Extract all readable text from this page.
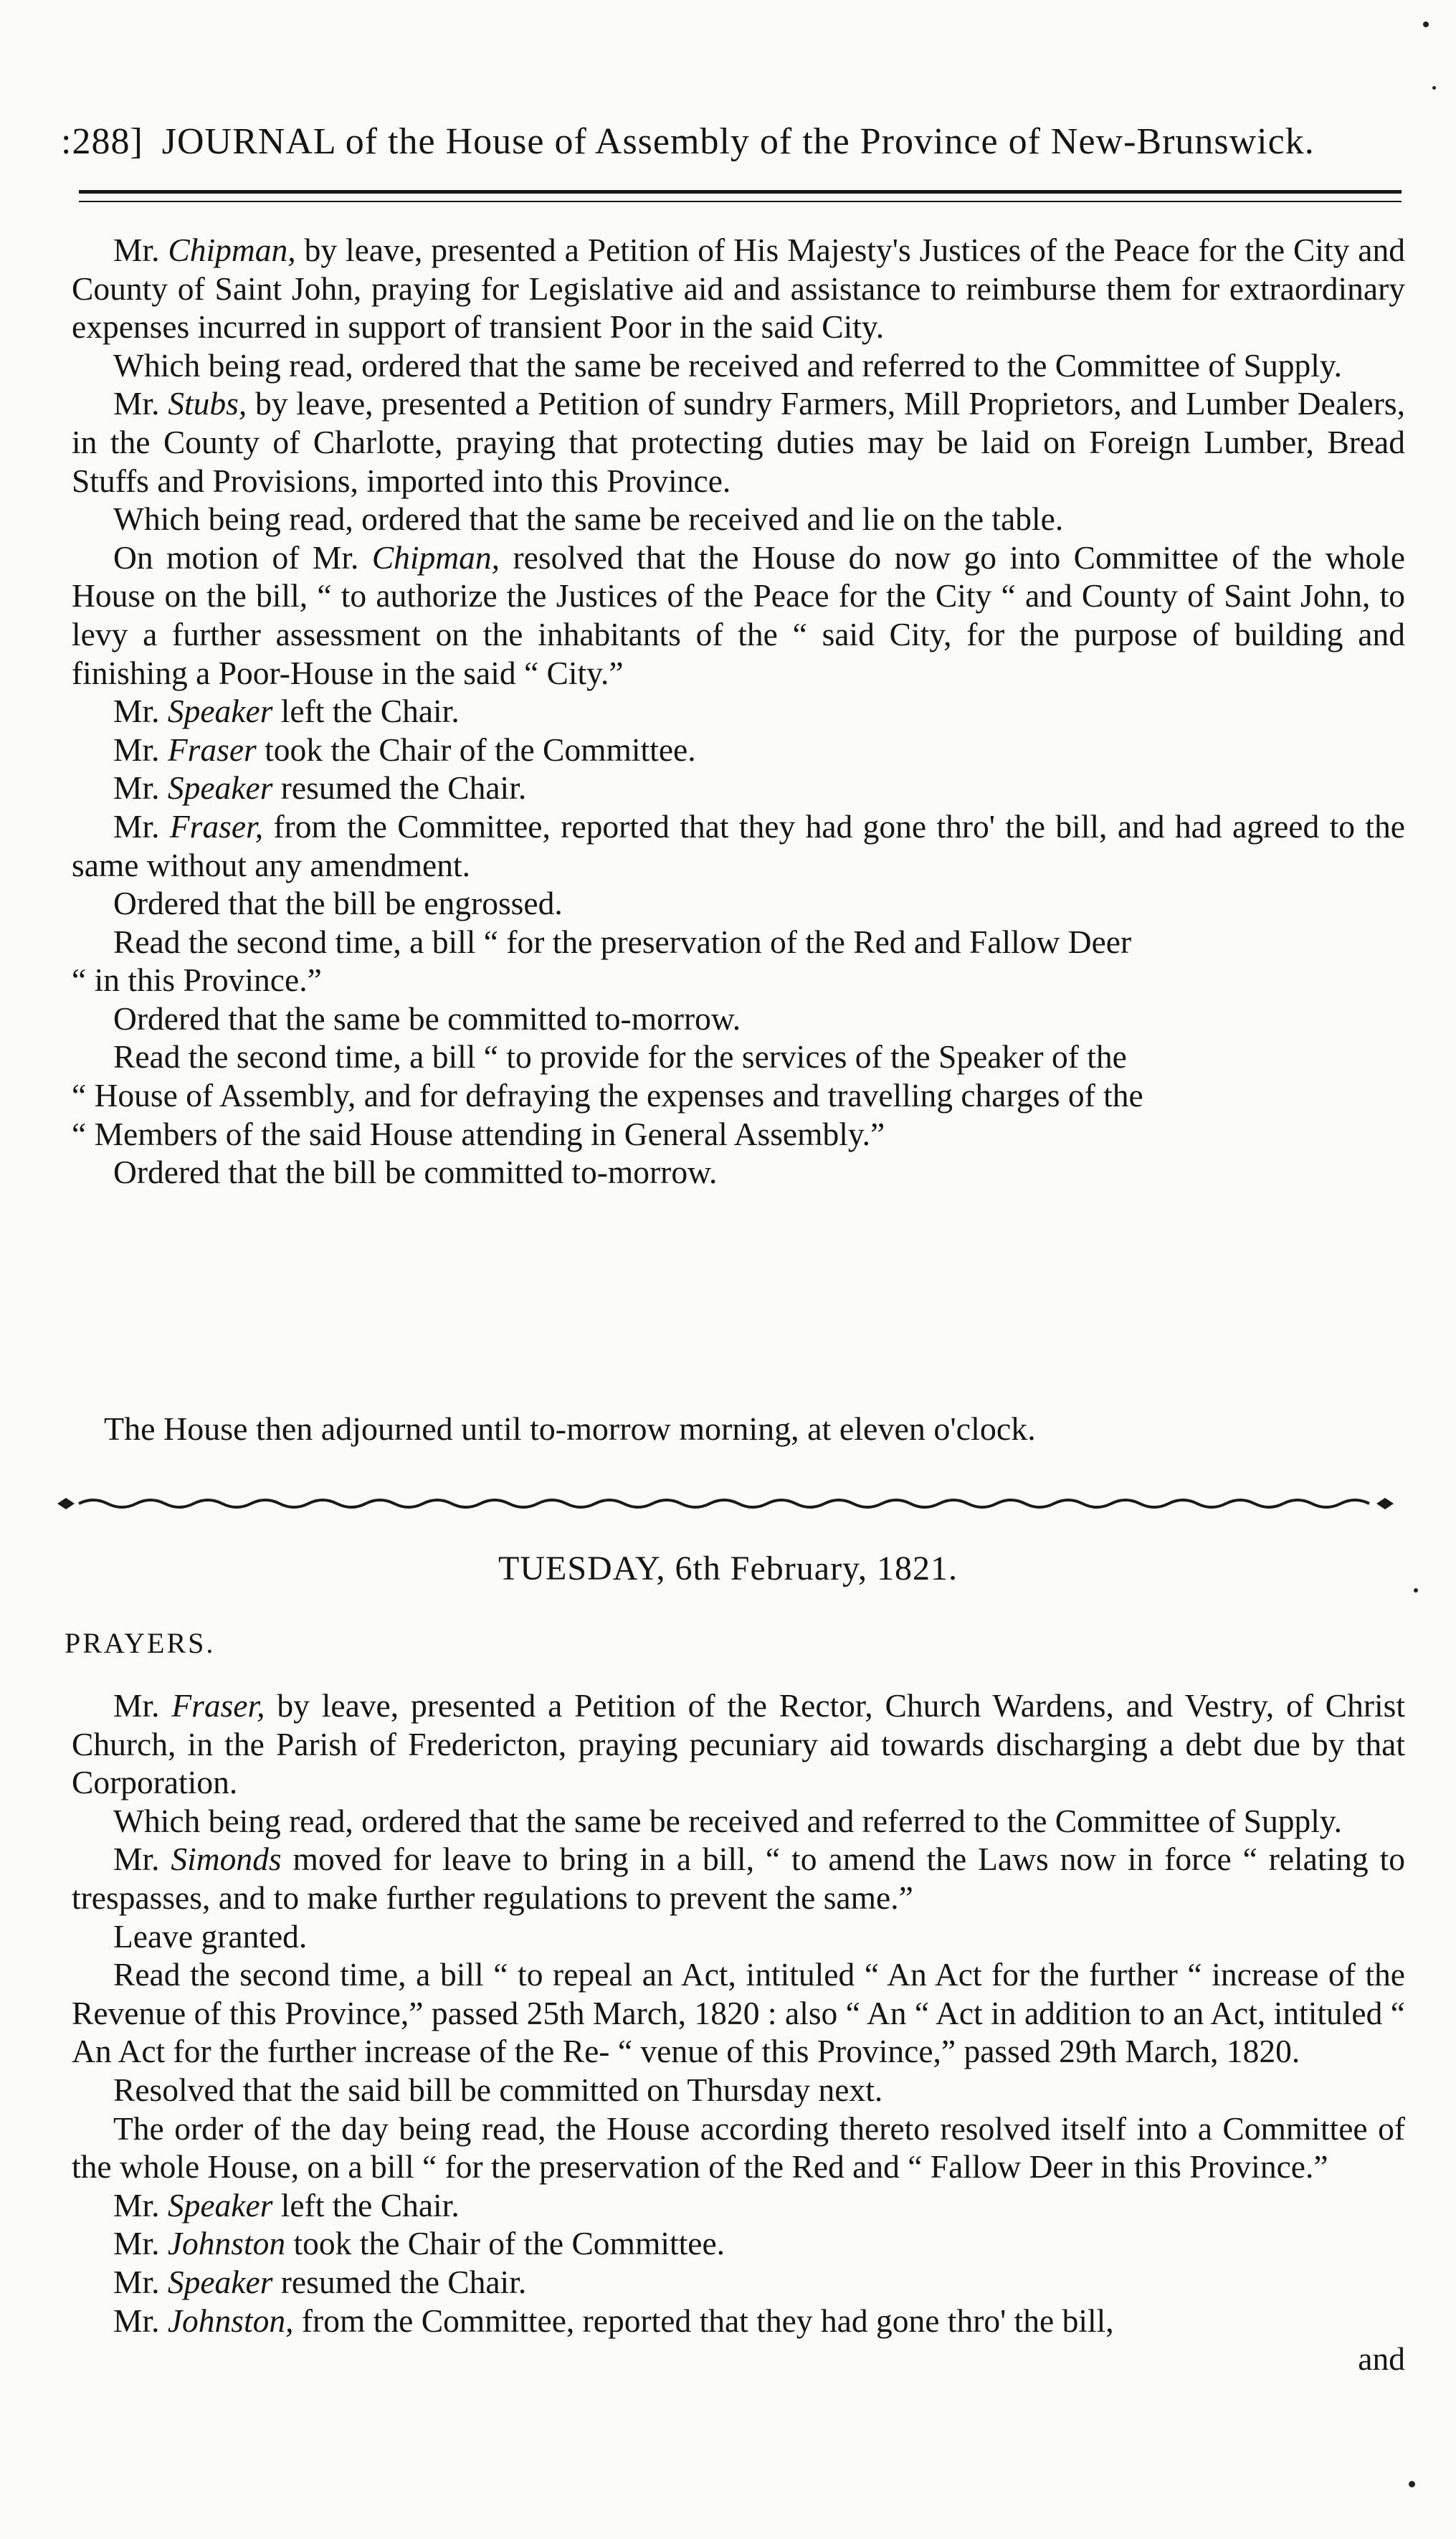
:288] JOURNAL of the House of Assembly of the Province of New-Brunswick.

Mr. Chipman, by leave, presented a Petition of His Majesty's Justices of the Peace for the City and County of Saint John, praying for Legislative aid and assistance to reimburse them for extraordinary expenses incurred in support of transient Poor in the said City.

Which being read, ordered that the same be received and referred to the Committee of Supply.

Mr. Stubs, by leave, presented a Petition of sundry Farmers, Mill Proprietors, and Lumber Dealers, in the County of Charlotte, praying that protecting duties may be laid on Foreign Lumber, Bread Stuffs and Provisions, imported into this Province.

Which being read, ordered that the same be received and lie on the table.

On motion of Mr. Chipman, resolved that the House do now go into Committee of the whole House on the bill, “ to authorize the Justices of the Peace for the City “ and County of Saint John, to levy a further assessment on the inhabitants of the “ said City, for the purpose of building and finishing a Poor-House in the said “ City.”

Mr. Speaker left the Chair.

Mr. Fraser took the Chair of the Committee.

Mr. Speaker resumed the Chair.

Mr. Fraser, from the Committee, reported that they had gone thro' the bill, and had agreed to the same without any amendment.

Ordered that the bill be engrossed.

Read the second time, a bill “ for the preservation of the Red and Fallow Deer

“ in this Province.”

Ordered that the same be committed to-morrow.

Read the second time, a bill “ to provide for the services of the Speaker of the

“ House of Assembly, and for defraying the expenses and travelling charges of the

“ Members of the said House attending in General Assembly.”

Ordered that the bill be committed to-morrow.

The House then adjourned until to-morrow morning, at eleven o'clock.
TUESDAY, 6th February, 1821.
PRAYERS.

Mr. Fraser, by leave, presented a Petition of the Rector, Church Wardens, and Vestry, of Christ Church, in the Parish of Fredericton, praying pecuniary aid towards discharging a debt due by that Corporation.

Which being read, ordered that the same be received and referred to the Committee of Supply.

Mr. Simonds moved for leave to bring in a bill, “ to amend the Laws now in force “ relating to trespasses, and to make further regulations to prevent the same.”

Leave granted.

Read the second time, a bill “ to repeal an Act, intituled “ An Act for the further “ increase of the Revenue of this Province,” passed 25th March, 1820 : also “ An “ Act in addition to an Act, intituled “ An Act for the further increase of the Re- “ venue of this Province,” passed 29th March, 1820.

Resolved that the said bill be committed on Thursday next.

The order of the day being read, the House according thereto resolved itself into a Committee of the whole House, on a bill “ for the preservation of the Red and “ Fallow Deer in this Province.”

Mr. Speaker left the Chair.

Mr. Johnston took the Chair of the Committee.

Mr. Speaker resumed the Chair.

Mr. Johnston, from the Committee, reported that they had gone thro' the bill,

and
